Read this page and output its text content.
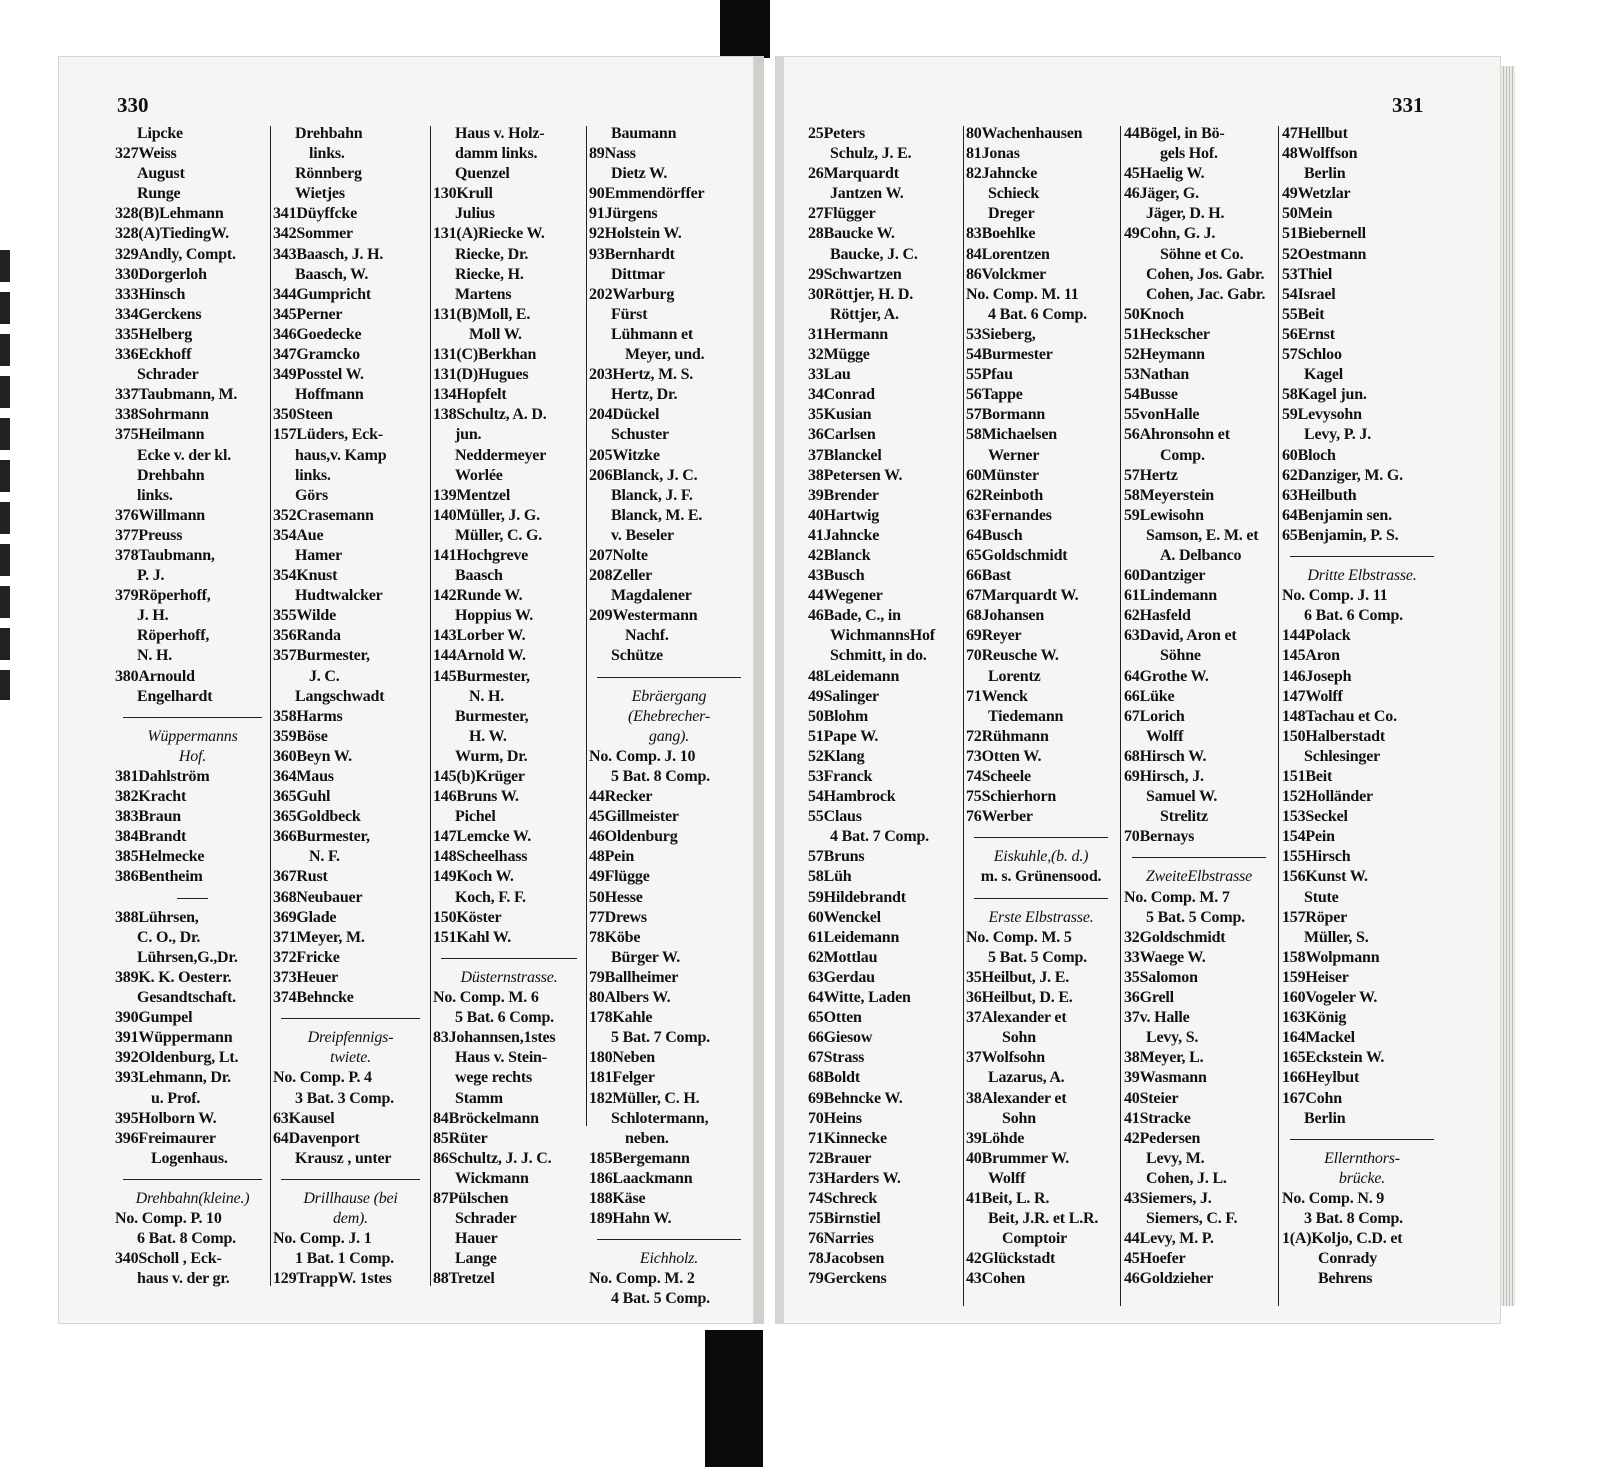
330	331
Lipcke
327Weiss
August
Runge
328(B)Lehmann
328(A)TiedingW.
329Andly, Compt.
330Dorgerloh
333Hinsch
334Gerckens
335Helberg
336Eckhoff
Schrader
337Taubmann, M.
338Sohrmann
375Heilmann
Ecke v. der kl.
Drehbahn
links.
376Willmann
377Preuss
378Taubmann,
P. J.
379Röperhoff,
J. H.
Röperhoff,
N. H.
380Arnould
Engelhardt
Wüppermanns
Hof.
381Dahlström
382Kracht
383Braun
384Brandt
385Helmecke
386Bentheim
388Lührsen,
C. O., Dr.
Lührsen,G.,Dr.
389K. K. Oesterr.
Gesandtschaft.
390Gumpel
391Wüppermann
392Oldenburg, Lt.
393Lehmann, Dr.
u. Prof.
395Holborn W.
396Freimaurer
Logenhaus.
Drehbahn(kleine.)
No. Comp. P. 10
6 Bat. 8 Comp.
340Scholl , Eck-
haus v. der gr.
Drehbahn
links.
Rönnberg
Wietjes
341Düyffcke
342Sommer
343Baasch, J. H.
Baasch, W.
344Gumpricht
345Perner
346Goedecke
347Gramcko
349Posstel W.
Hoffmann
350Steen
157Lüders, Eck-
haus,v. Kamp
links.
Görs
352Crasemann
354Aue
Hamer
354Knust
Hudtwalcker
355Wilde
356Randa
357Burmester,
J. C.
Langschwadt
358Harms
359Böse
360Beyn W.
364Maus
365Guhl
365Goldbeck
366Burmester,
N. F.
367Rust
368Neubauer
369Glade
371Meyer, M.
372Fricke
373Heuer
374Behncke
Dreipfennigs-
twiete.
No. Comp. P. 4
3 Bat. 3 Comp.
63Kausel
64Davenport
Krausz , unter
Drillhause (bei
dem).
No. Comp. J. 1
1 Bat. 1 Comp.
129TrappW. 1stes
Haus v. Holz-
damm links.
Quenzel
130Krull
Julius
131(A)Riecke W.
Riecke, Dr.
Riecke, H.
Martens
131(B)Moll, E.
Moll W.
131(C)Berkhan
131(D)Hugues
134Hopfelt
138Schultz, A. D.
jun.
Neddermeyer
Worlée
139Mentzel
140Müller, J. G.
Müller, C. G.
141Hochgreve
Baasch
142Runde W.
Hoppius W.
143Lorber W.
144Arnold W.
145Burmester,
N. H.
Burmester,
H. W.
Wurm, Dr.
145(b)Krüger
146Bruns W.
Pichel
147Lemcke W.
148Scheelhass
149Koch W.
Koch, F. F.
150Köster
151Kahl W.
Düsternstrasse.
No. Comp. M. 6
5 Bat. 6 Comp.
83Johannsen,1stes
Haus v. Stein-
wege rechts
Stamm
84Bröckelmann
85Rüter
86Schultz, J. J. C.
Wickmann
87Pülschen
Schrader
Hauer
Lange
88Tretzel
Baumann
89Nass
Dietz W.
90Emmendörffer
91Jürgens
92Holstein W.
93Bernhardt
Dittmar
202Warburg
Fürst
Lühmann et
Meyer, und.
203Hertz, M. S.
Hertz, Dr.
204Dückel
Schuster
205Witzke
206Blanck, J. C.
Blanck, J. F.
Blanck, M. E.
v. Beseler
207Nolte
208Zeller
Magdalener
209Westermann
Nachf.
Schütze
Ebräergang
(Ehebrecher-
gang).
No. Comp. J. 10
5 Bat. 8 Comp.
44Recker
45Gillmeister
46Oldenburg
48Pein
49Flügge
50Hesse
77Drews
78Köbe
Bürger W.
79Ballheimer
80Albers W.
178Kahle
5 Bat. 7 Comp.
180Neben
181Felger
182Müller, C. H.
Schlotermann,
neben.
185Bergemann
186Laackmann
188Käse
189Hahn W.
Eichholz.
No. Comp. M. 2
4 Bat. 5 Comp.
25Peters
Schulz, J. E.
26Marquardt
Jantzen W.
27Flügger
28Baucke W.
Baucke, J. C.
29Schwartzen
30Röttjer, H. D.
Röttjer, A.
31Hermann
32Mügge
33Lau
34Conrad
35Kusian
36Carlsen
37Blanckel
38Petersen W.
39Brender
40Hartwig
41Jahncke
42Blanck
43Busch
44Wegener
46Bade, C., in
WichmannsHof
Schmitt, in do.
48Leidemann
49Salinger
50Blohm
51Pape W.
52Klang
53Franck
54Hambrock
55Claus
4 Bat. 7 Comp.
57Bruns
58Lüh
59Hildebrandt
60Wenckel
61Leidemann
62Mottlau
63Gerdau
64Witte, Laden
65Otten
66Giesow
67Strass
68Boldt
69Behncke W.
70Heins
71Kinnecke
72Brauer
73Harders W.
74Schreck
75Birnstiel
76Narries
78Jacobsen
79Gerckens
80Wachenhausen
81Jonas
82Jahncke
Schieck
Dreger
83Boehlke
84Lorentzen
86Volckmer
No. Comp. M. 11
4 Bat. 6 Comp.
53Sieberg,
54Burmester
55Pfau
56Tappe
57Bormann
58Michaelsen
Werner
60Münster
62Reinboth
63Fernandes
64Busch
65Goldschmidt
66Bast
67Marquardt W.
68Johansen
69Reyer
70Reusche W.
Lorentz
71Wenck
Tiedemann
72Rühmann
73Otten W.
74Scheele
75Schierhorn
76Werber
Eiskuhle,(b. d.)
m. s. Grünensood.
Erste Elbstrasse.
No. Comp. M. 5
5 Bat. 5 Comp.
35Heilbut, J. E.
36Heilbut, D. E.
37Alexander et
Sohn
37Wolfsohn
Lazarus, A.
38Alexander et
Sohn
39Löhde
40Brummer W.
Wolff
41Beit, L. R.
Beit, J.R. et L.R.
Comptoir
42Glückstadt
43Cohen
44Bögel, in Bö-
gels Hof.
45Haelig W.
46Jäger, G.
Jäger, D. H.
49Cohn, G. J.
Söhne et Co.
Cohen, Jos. Gabr.
Cohen, Jac. Gabr.
50Knoch
51Heckscher
52Heymann
53Nathan
54Busse
55vonHalle
56Ahronsohn et
Comp.
57Hertz
58Meyerstein
59Lewisohn
Samson, E. M. et
A. Delbanco
60Dantziger
61Lindemann
62Hasfeld
63David, Aron et
Söhne
64Grothe W.
66Lüke
67Lorich
Wolff
68Hirsch W.
69Hirsch, J.
Samuel W.
Strelitz
70Bernays
ZweiteElbstrasse
No. Comp. M. 7
5 Bat. 5 Comp.
32Goldschmidt
33Waege W.
35Salomon
36Grell
37v. Halle
Levy, S.
38Meyer, L.
39Wasmann
40Steier
41Stracke
42Pedersen
Levy, M.
Cohen, J. L.
43Siemers, J.
Siemers, C. F.
44Levy, M. P.
45Hoefer
46Goldzieher
47Hellbut
48Wolffson
Berlin
49Wetzlar
50Mein
51Biebernell
52Oestmann
53Thiel
54Israel
55Beit
56Ernst
57Schloo
Kagel
58Kagel jun.
59Levysohn
Levy, P. J.
60Bloch
62Danziger, M. G.
63Heilbuth
64Benjamin sen.
65Benjamin, P. S.
Dritte Elbstrasse.
No. Comp. J. 11
6 Bat. 6 Comp.
144Polack
145Aron
146Joseph
147Wolff
148Tachau et Co.
150Halberstadt
Schlesinger
151Beit
152Holländer
153Seckel
154Pein
155Hirsch
156Kunst W.
Stute
157Röper
Müller, S.
158Wolpmann
159Heiser
160Vogeler W.
163König
164Mackel
165Eckstein W.
166Heylbut
167Cohn
Berlin
Ellernthors-
brücke.
No. Comp. N. 9
3 Bat. 8 Comp.
1(A)Koljo, C.D. et
Conrady
Behrens
